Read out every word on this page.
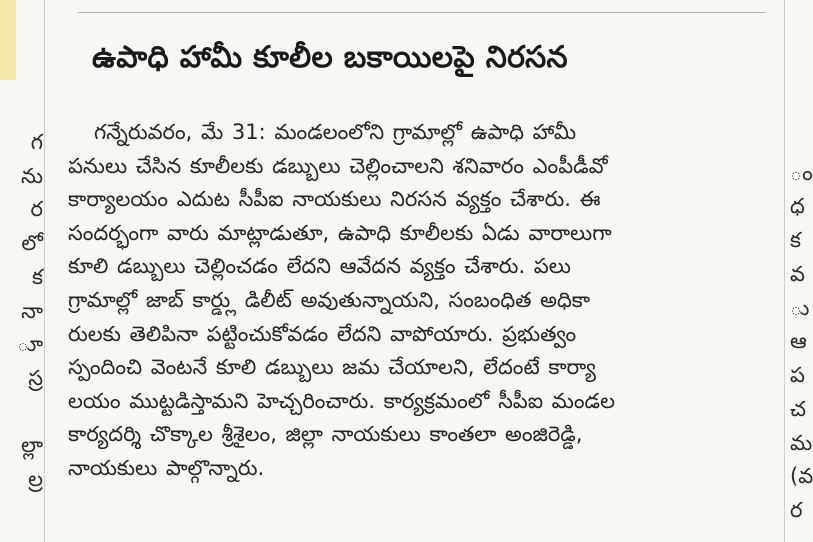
గ
ను
ర
లో
క
నా
ూ
స్ర
ల్లా
ల్ర
ం
ధ
క
వ
ు
ఆ
ప
చ
మ
(వ
ర
ఉపాధి హామీ కూలీల బకాయిలపై నిరసన
గన్నేరువరం, మే 31: మండలంలోని గ్రామాల్లో ఉపాధి హామీ
పనులు చేసిన కూలీలకు డబ్బులు చెల్లించాలని శనివారం ఎంపీడీవో
కార్యాలయం ఎదుట సీపీఐ నాయకులు నిరసన వ్యక్తం చేశారు. ఈ
సందర్భంగా వారు మాట్లాడుతూ, ఉపాధి కూలీలకు ఏడు వారాలుగా
కూలి డబ్బులు చెల్లించడం లేదని ఆవేదన వ్యక్తం చేశారు. పలు
గ్రామాల్లో జాబ్ కార్డ్లు డిలీట్ అవుతున్నాయని, సంబంధిత అధికా
రులకు తెలిపినా పట్టించుకోవడం లేదని వాపోయారు. ప్రభుత్వం
స్పందించి వెంటనే కూలి డబ్బులు జమ చేయాలని, లేదంటే కార్యా
లయం ముట్టడిస్తామని హెచ్చరించారు. కార్యక్రమంలో సీపీఐ మండల
కార్యదర్శి చొక్కాల శ్రీశైలం, జిల్లా నాయకులు కాంతలా అంజిరెడ్డి,
నాయకులు పాల్గొన్నారు.
